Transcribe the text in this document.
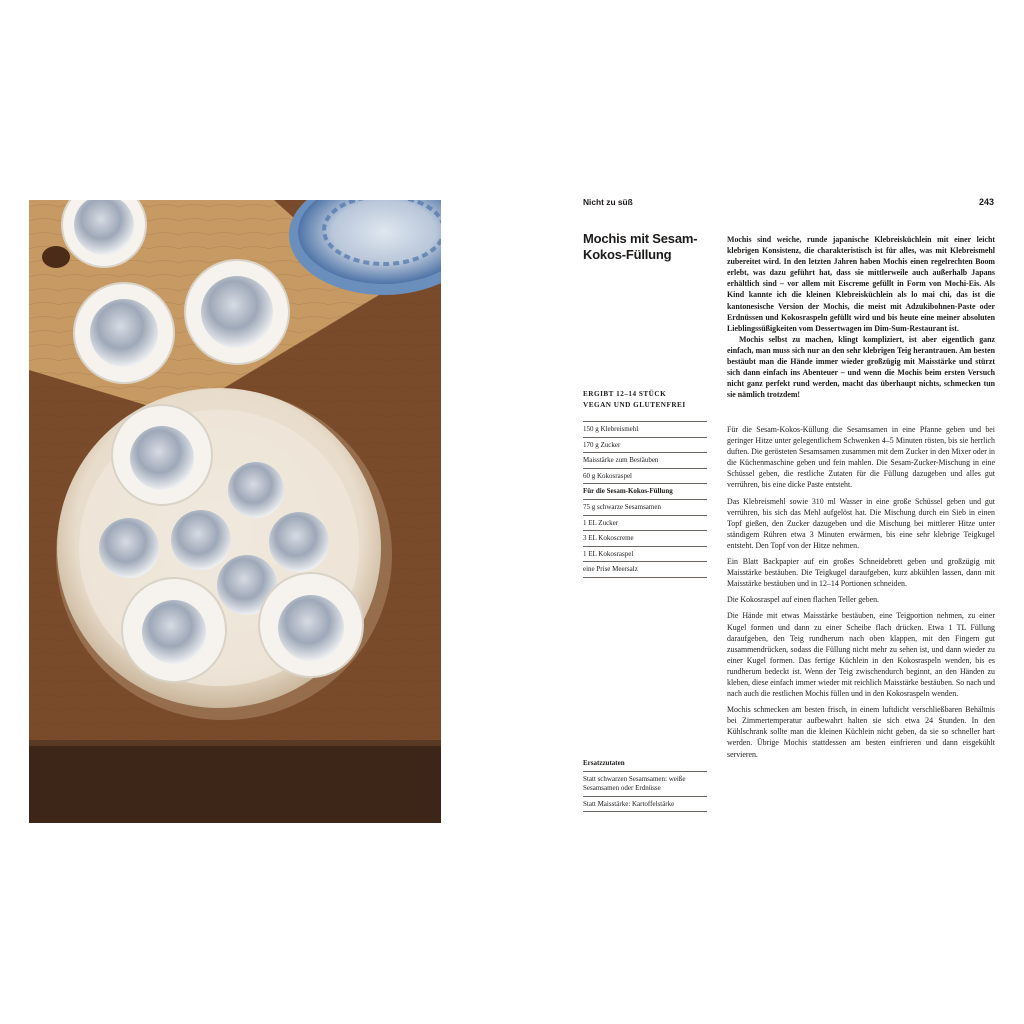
Nicht zu süß	243
Mochis mit Sesam-Kokos-Füllung
ERGIBT 12–14 STÜCK
VEGAN UND GLUTENFREI
150 g Klebreismehl
170 g Zucker
Maisstärke zum Bestäuben
60 g Kokosraspel
Für die Sesam-Kokos-Füllung
75 g schwarze Sesamsamen
1 EL Zucker
3 EL Kokoscreme
1 EL Kokosraspel
eine Prise Meersalz
Ersatzzutaten
Statt schwarzen Sesamsamen: weiße Sesamsamen oder Erdnüsse
Statt Maisstärke: Kartoffelstärke

Mochis sind weiche, runde japanische Klebreisküchlein mit einer leicht klebrigen Konsistenz, die charakteristisch ist für alles, was mit Klebreismehl zubereitet wird. In den letzten Jahren haben Mochis einen regelrechten Boom erlebt, was dazu geführt hat, dass sie mittlerweile auch außerhalb Japans erhältlich sind – vor allem mit Eiscreme gefüllt in Form von Mochi-Eis. Als Kind kannte ich die kleinen Klebreisküchlein als lo mai chi, das ist die kantonesische Version der Mochis, die meist mit Adzukibohnen-Paste oder Erdnüssen und Kokosraspeln gefüllt wird und bis heute eine meiner absoluten Lieblingssüßigkeiten vom Dessertwagen im Dim-Sum-Restaurant ist.

Mochis selbst zu machen, klingt kompliziert, ist aber eigentlich ganz einfach, man muss sich nur an den sehr klebrigen Teig herantrauen. Am besten bestäubt man die Hände immer wieder großzügig mit Maisstärke und stürzt sich dann einfach ins Abenteuer – und wenn die Mochis beim ersten Versuch nicht ganz perfekt rund werden, macht das überhaupt nichts, schmecken tun sie nämlich trotzdem!

Für die Sesam-Kokos-Küllung die Sesamsamen in eine Pfanne geben und bei geringer Hitze unter gelegentlichem Schwenken 4–5 Minuten rösten, bis sie herrlich duften. Die gerösteten Sesamsamen zusammen mit dem Zucker in den Mixer oder in die Küchenmaschine geben und fein mahlen. Die Sesam-Zucker-Mischung in eine Schüssel geben, die restliche Zutaten für die Füllung dazugeben und alles gut verrühren, bis eine dicke Paste entsteht.

Das Klebreismehl sowie 310 ml Wasser in eine große Schüssel geben und gut verrühren, bis sich das Mehl aufgelöst hat. Die Mischung durch ein Sieb in einen Topf gießen, den Zucker dazugeben und die Mischung bei mittlerer Hitze unter ständigem Rühren etwa 3 Minuten erwärmen, bis eine sehr klebrige Teigkugel entsteht. Den Topf von der Hitze nehmen.

Ein Blatt Backpapier auf ein großes Schneidebrett geben und großzügig mit Maisstärke bestäuben. Die Teigkugel daraufgeben, kurz abkühlen lassen, dann mit Maisstärke bestäuben und in 12–14 Portionen schneiden.

Die Kokosraspel auf einen flachen Teller geben.

Die Hände mit etwas Maisstärke bestäuben, eine Teigportion nehmen, zu einer Kugel formen und dann zu einer Scheibe flach drücken. Etwa 1 TL Füllung daraufgeben, den Teig rundherum nach oben klappen, mit den Fingern gut zusammendrücken, sodass die Füllung nicht mehr zu sehen ist, und dann wieder zu einer Kugel formen. Das fertige Küchlein in den Kokosraspeln wenden, bis es rundherum bedeckt ist. Wenn der Teig zwischendurch beginnt, an den Händen zu kleben, diese einfach immer wieder mit reichlich Maisstärke bestäuben. So nach und nach auch die restlichen Mochis füllen und in den Kokosraspeln wenden.

Mochis schmecken am besten frisch, in einem luftdicht verschließbaren Behältnis bei Zimmertemperatur aufbewahrt halten sie sich etwa 24 Stunden. In den Kühlschrank sollte man die kleinen Küchlein nicht geben, da sie so schneller hart werden. Übrige Mochis stattdessen am besten einfrieren und dann eisgekühlt servieren.
